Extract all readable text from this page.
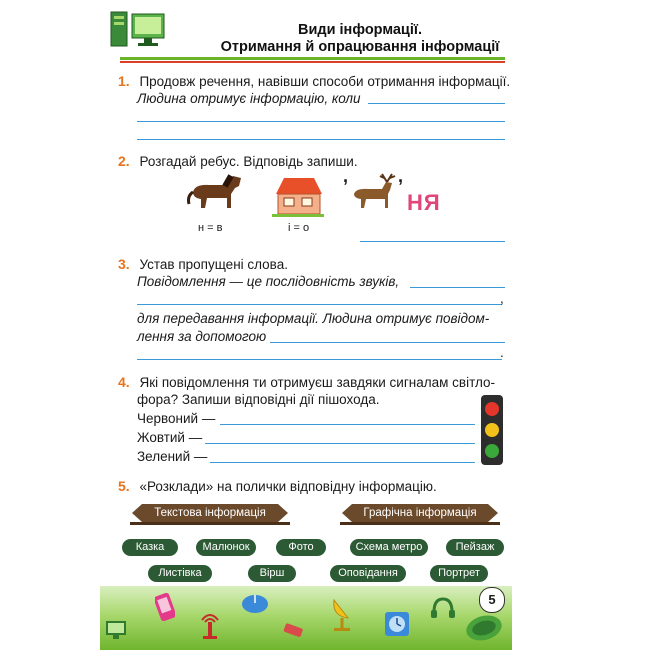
Види інформації.
Отримання й опрацювання інформації
1. Продовж речення, навівши способи отримання інформації.
Людина отримує інформацію, коли
2. Розгадай ребус. Відповідь запиши.
н = в	і = о
,	,
НЯ
3. Устав пропущені слова.
Повідомлення — це послідовність звуків,
,
для передавання інформації. Людина отримує повідом-
лення за допомогою
.
4. Які повідомлення ти отримуєш завдяки сигналам світло-
фора? Запиши відповідні дії пішохода.
Червоний —
Жовтий —
Зелений —
5. «Розклади» на полички відповідну інформацію.
Текстова інформація	Графічна інформація
Казка	Малюнок	Фото	Схема метро	Пейзаж
Листівка	Вірш	Оповідання	Портрет
5
